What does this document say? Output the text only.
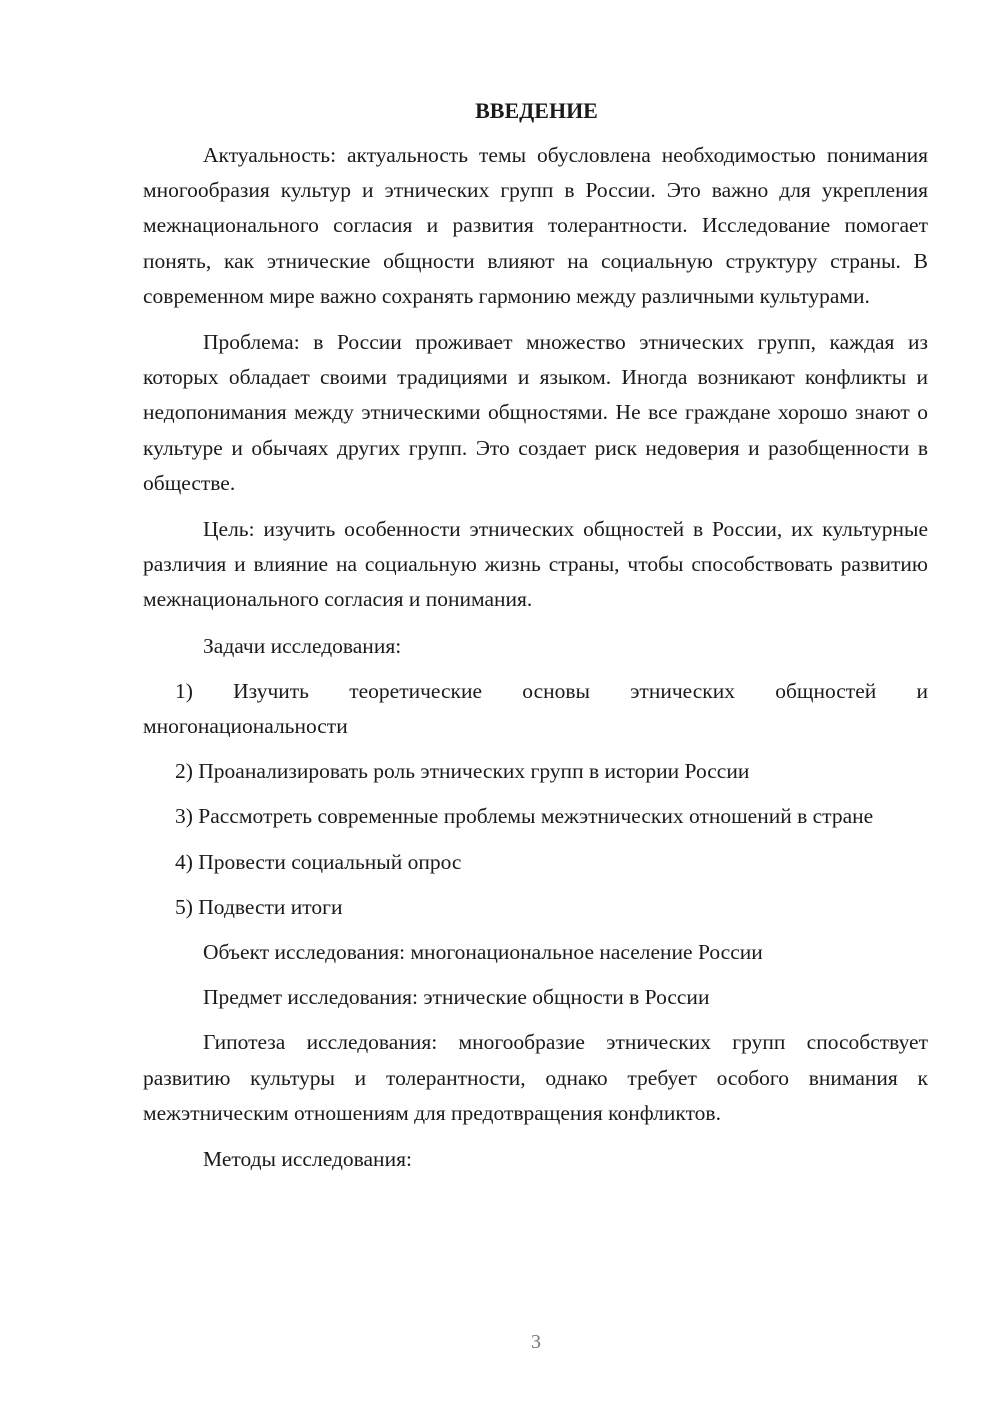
ВВЕДЕНИЕ

Актуальность: актуальность темы обусловлена необходимостью понимания многообразия культур и этнических групп в России. Это важно для укрепления межнационального согласия и развития толерантности. Исследование помогает понять, как этнические общности влияют на социальную структуру страны. В современном мире важно сохранять гармонию между различными культурами.

Проблема: в России проживает множество этнических групп, каждая из которых обладает своими традициями и языком. Иногда возникают конфликты и недопонимания между этническими общностями. Не все граждане хорошо знают о культуре и обычаях других групп. Это создает риск недоверия и разобщенности в обществе.

Цель: изучить особенности этнических общностей в России, их культурные различия и влияние на социальную жизнь страны, чтобы способствовать развитию межнационального согласия и понимания.

Задачи исследования:

1) Изучить теоретические основы этнических общностей и многонациональности

2) Проанализировать роль этнических групп в истории России

3) Рассмотреть современные проблемы межэтнических отношений в стране

4) Провести социальный опрос

5) Подвести итоги

Объект исследования: многонациональное население России

Предмет исследования: этнические общности в России

Гипотеза исследования: многообразие этнических групп способствует развитию культуры и толерантности, однако требует особого внимания к межэтническим отношениям для предотвращения конфликтов.

Методы исследования:

3
